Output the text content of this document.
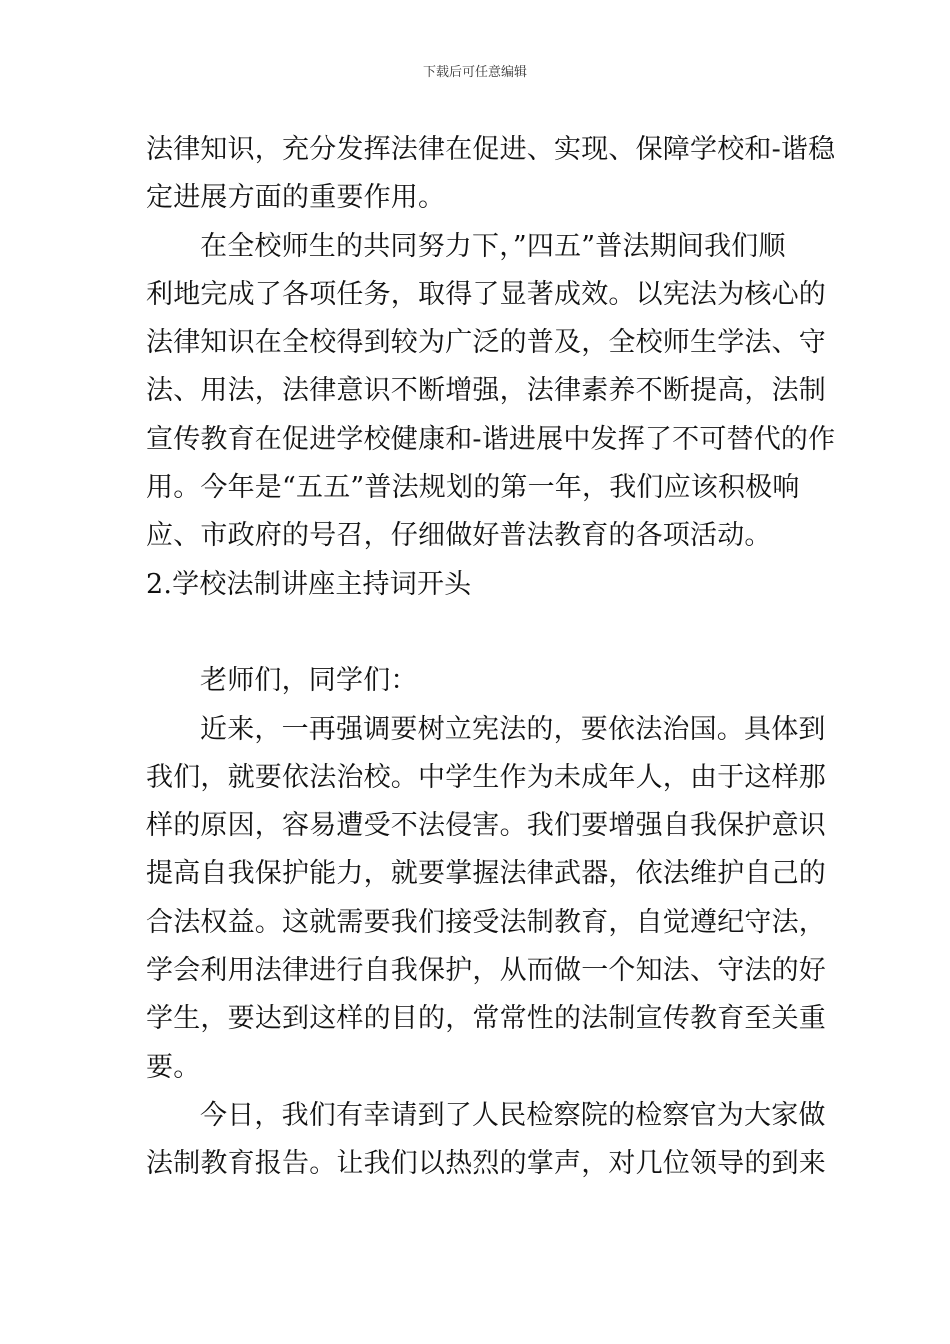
下载后可任意编辑
法律知识，充分发挥法律在促进、实现、保障学校和-谐稳
定进展方面的重要作用。
在全校师生的共同努力下，”四五”普法期间我们顺
利地完成了各项任务，取得了显著成效。以宪法为核心的
法律知识在全校得到较为广泛的普及，全校师生学法、守
法、用法，法律意识不断增强，法律素养不断提高，法制
宣传教育在促进学校健康和-谐进展中发挥了不可替代的作
用。今年是“五五”普法规划的第一年，我们应该积极响
应、市政府的号召，仔细做好普法教育的各项活动。
2.学校法制讲座主持词开头
老师们，同学们：
近来，一再强调要树立宪法的，要依法治国。具体到
我们，就要依法治校。中学生作为未成年人，由于这样那
样的原因，容易遭受不法侵害。我们要增强自我保护意识
提高自我保护能力，就要掌握法律武器，依法维护自己的
合法权益。这就需要我们接受法制教育，自觉遵纪守法，
学会利用法律进行自我保护，从而做一个知法、守法的好
学生，要达到这样的目的，常常性的法制宣传教育至关重
要。
今日，我们有幸请到了人民检察院的检察官为大家做
法制教育报告。让我们以热烈的掌声，对几位领导的到来
